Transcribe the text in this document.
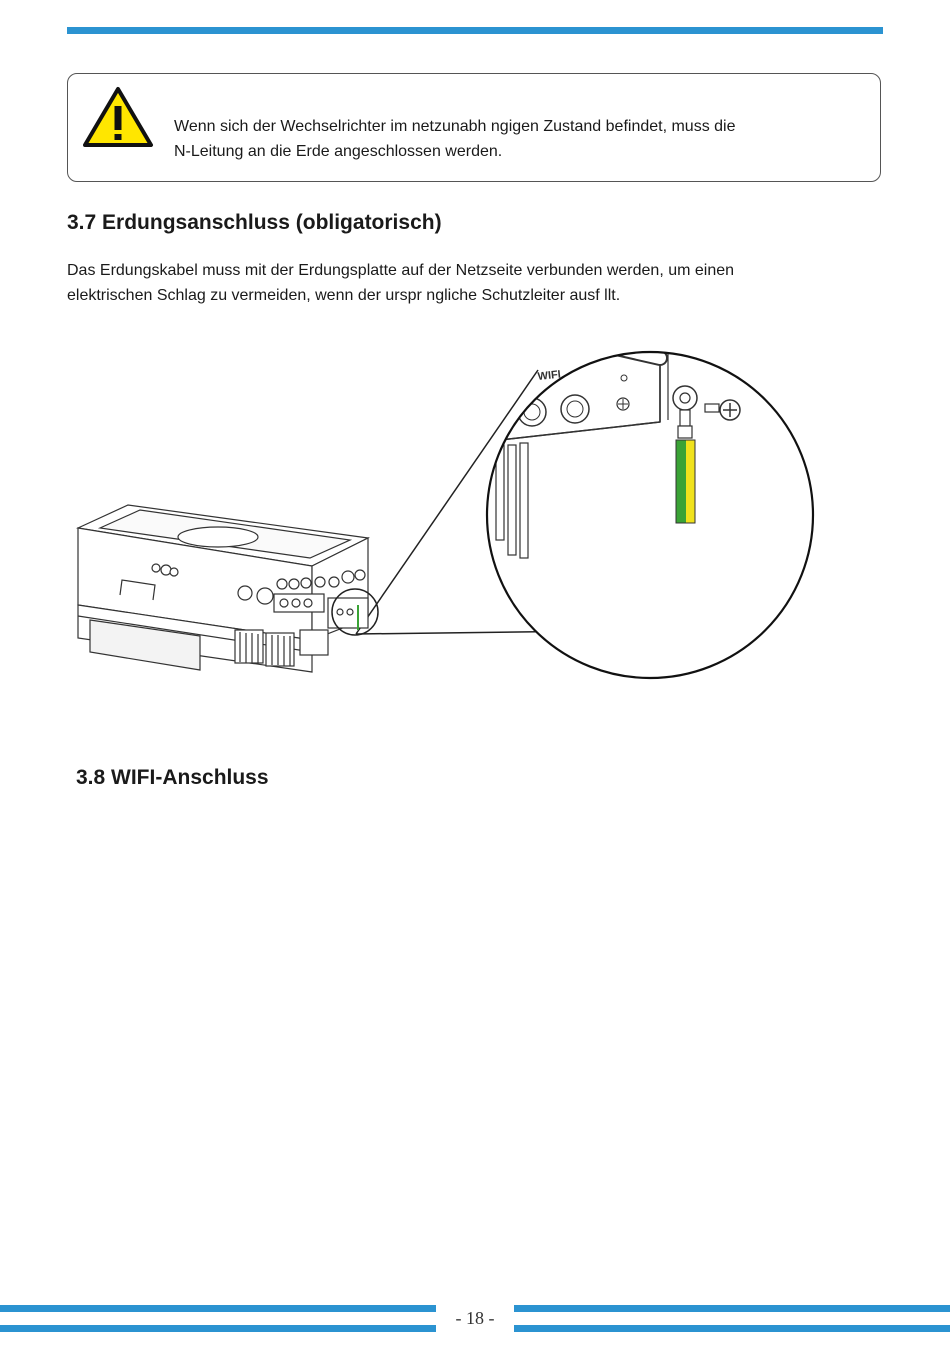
Wenn sich der Wechselrichter im netzunabh ngigen Zustand befindet, muss die
N-Leitung an die Erde angeschlossen werden.
3.7 Erdungsanschluss (obligatorisch)
Das Erdungskabel muss mit der Erdungsplatte auf der Netzseite verbunden werden, um einen
elektrischen Schlag zu vermeiden, wenn der urspr ngliche Schutzleiter ausf llt.
WIFI
3.8 WIFI-Anschluss
- 18 -
